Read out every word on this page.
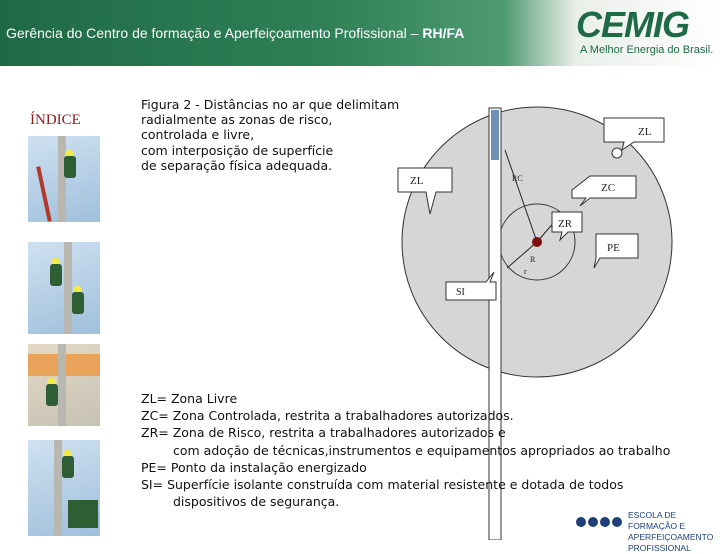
Gerência do Centro de formação e Aperfeiçoamento Profissional – RH/FA	CEMIG
A Melhor Energia do Brasil.
ÍNDICE
Figura 2 - Distâncias no ar que delimitam
radialmente as zonas de risco,
controlada e livre,
com interposição de superfície
de separação física adequada.
ZL
ZL
ZC
ZR
PE
SI
RC
R
r
ZL= Zona Livre
ZC= Zona Controlada, restrita a trabalhadores autorizados.
ZR= Zona de Risco, restrita a trabalhadores autorizados e
com adoção de técnicas,instrumentos e equipamentos apropriados ao trabalho
PE= Ponto da instalação energizado
SI= Superfície isolante construída com material resistente e dotada de todos
dispositivos de segurança.
ESCOLA DE FORMAÇÃO E
APERFEIÇOAMENTO PROFISSIONAL
